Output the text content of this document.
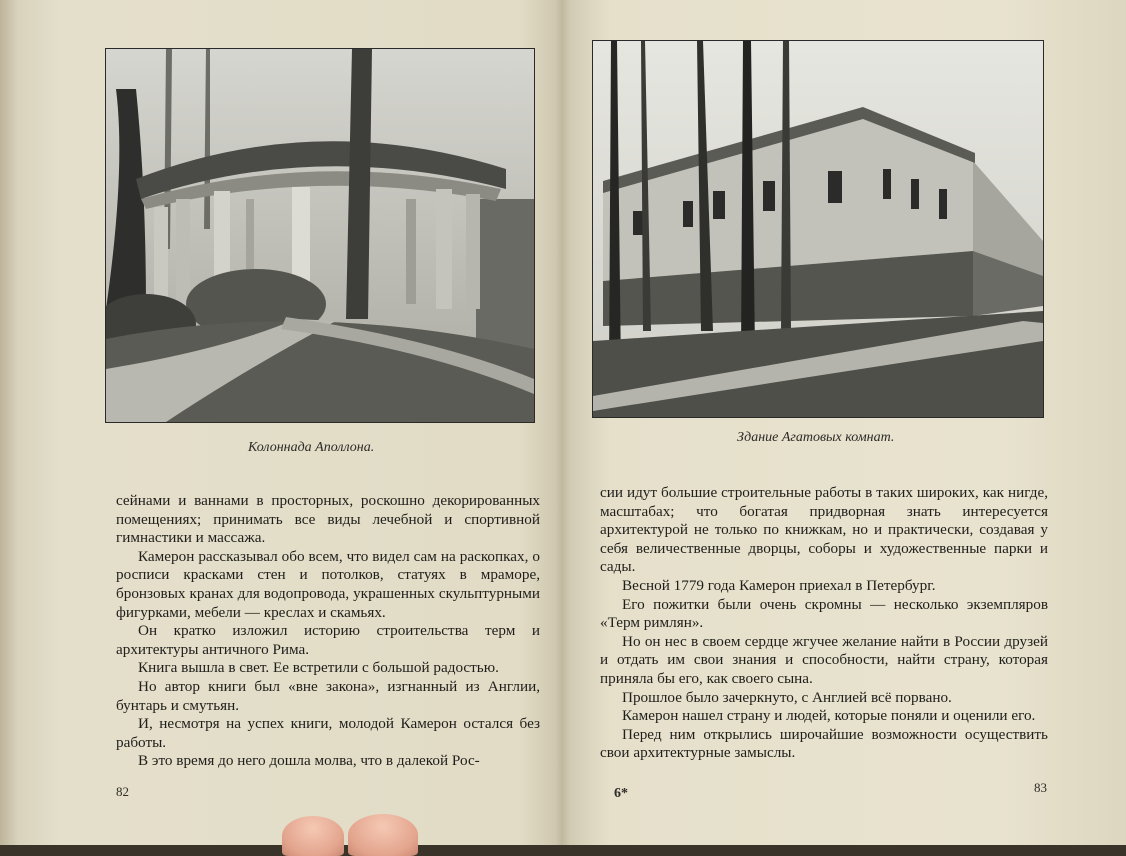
Колоннада Аполлона.

сейнами и ваннами в просторных, роскошно декорированных помещениях; принимать все виды лечебной и спортивной гимнастики и массажа.

Камерон рассказывал обо всем, что видел сам на раскопках, о росписи красками стен и потолков, статуях в мраморе, бронзовых кранах для водопровода, украшенных скульптурными фигурками, мебели — креслах и скамьях.

Он кратко изложил историю строительства терм и архитектуры античного Рима.

Книга вышла в свет. Ее встретили с большой радостью.

Но автор книги был «вне закона», изгнанный из Англии, бунтарь и смутьян.

И, несмотря на успех книги, молодой Камерон остался без работы.

В это время до него дошла молва, что в далекой Рос-

82
Здание Агатовых комнат.

сии идут большие строительные работы в таких широких, как нигде, масштабах; что богатая придворная знать интересуется архитектурой не только по книжкам, но и практически, создавая у себя величественные дворцы, соборы и художественные парки и сады.

Весной 1779 года Камерон приехал в Петербург.

Его пожитки были очень скромны — несколько экземпляров «Терм римлян».

Но он нес в своем сердце жгучее желание найти в России друзей и отдать им свои знания и способности, найти страну, которая приняла бы его, как своего сына.

Прошлое было зачеркнуто, с Англией всё порвано.

Камерон нашел страну и людей, которые поняли и оценили его.

Перед ним открылись широчайшие возможности осуществить свои архитектурные замыслы.

6*	83
